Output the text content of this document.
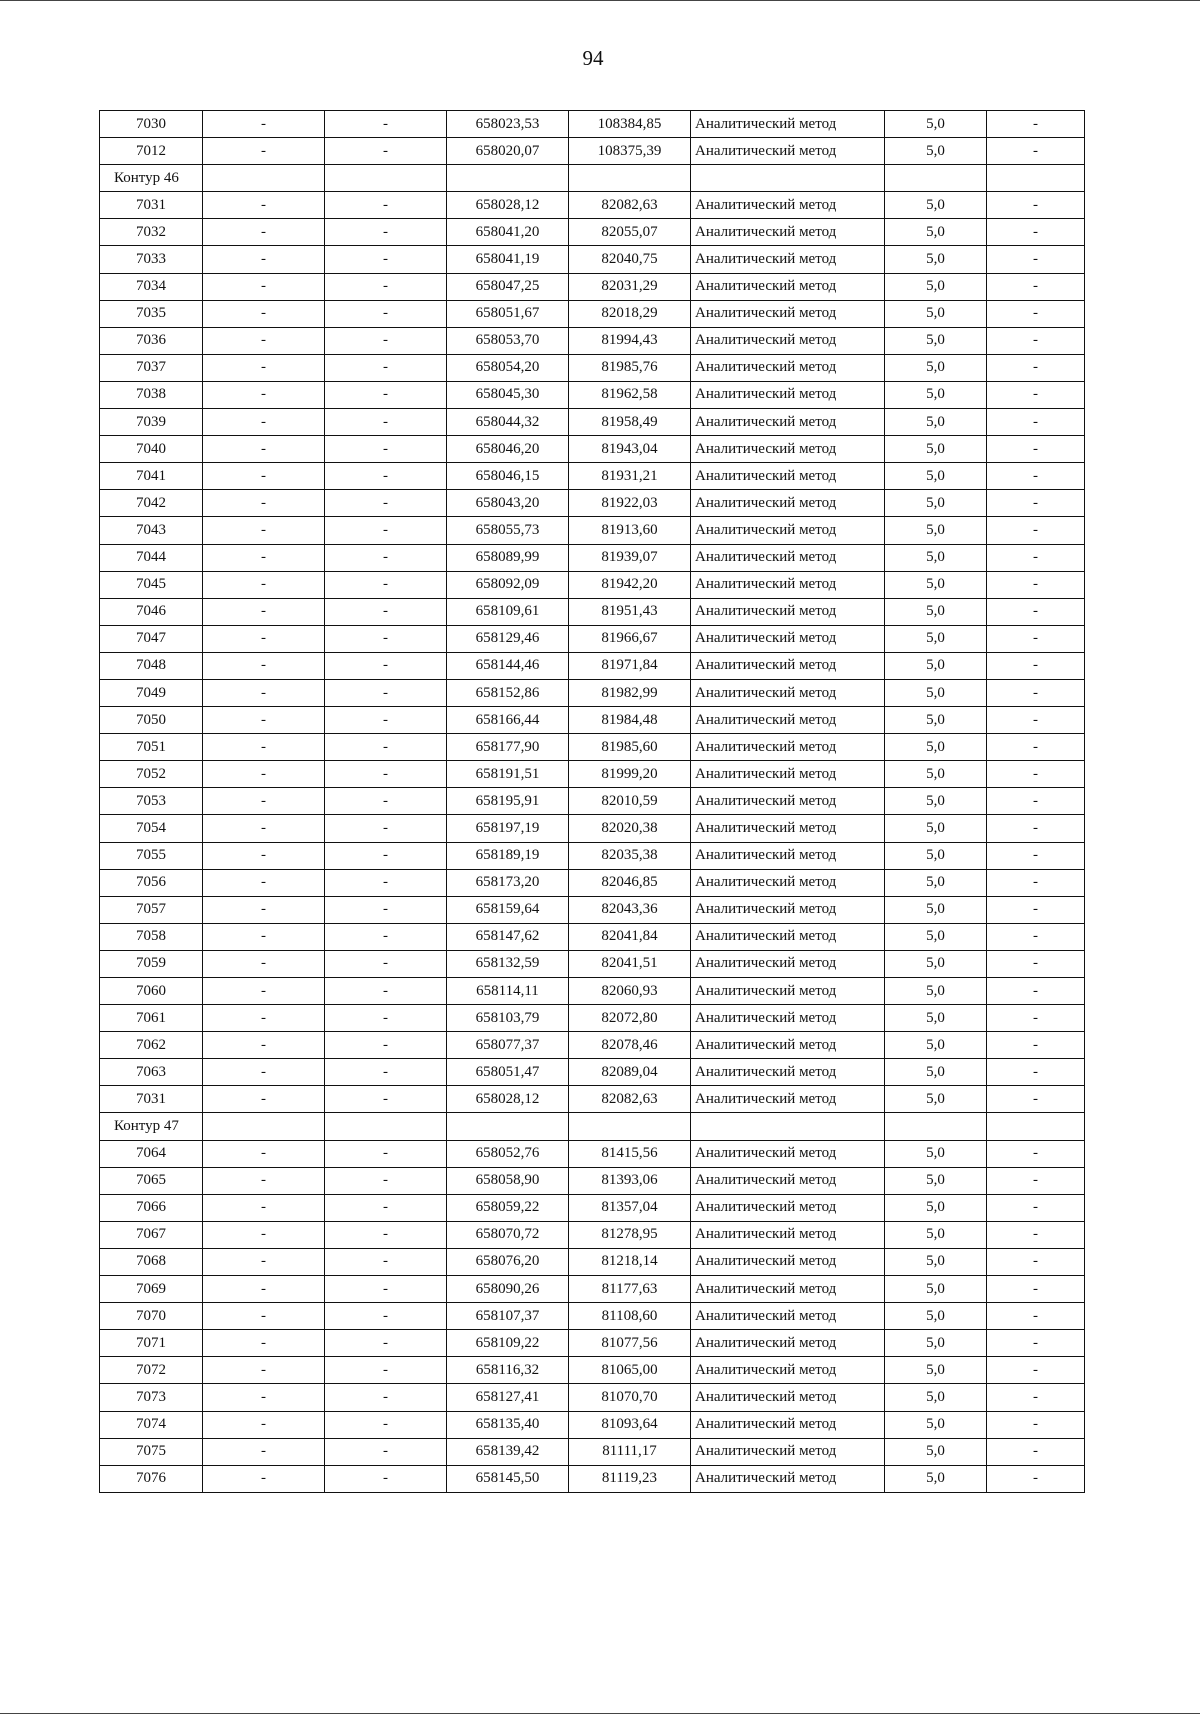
94
7030	-	-	658023,53	108384,85	Аналитический метод	5,0	-
7012	-	-	658020,07	108375,39	Аналитический метод	5,0	-
Контур 46							
7031	-	-	658028,12	82082,63	Аналитический метод	5,0	-
7032	-	-	658041,20	82055,07	Аналитический метод	5,0	-
7033	-	-	658041,19	82040,75	Аналитический метод	5,0	-
7034	-	-	658047,25	82031,29	Аналитический метод	5,0	-
7035	-	-	658051,67	82018,29	Аналитический метод	5,0	-
7036	-	-	658053,70	81994,43	Аналитический метод	5,0	-
7037	-	-	658054,20	81985,76	Аналитический метод	5,0	-
7038	-	-	658045,30	81962,58	Аналитический метод	5,0	-
7039	-	-	658044,32	81958,49	Аналитический метод	5,0	-
7040	-	-	658046,20	81943,04	Аналитический метод	5,0	-
7041	-	-	658046,15	81931,21	Аналитический метод	5,0	-
7042	-	-	658043,20	81922,03	Аналитический метод	5,0	-
7043	-	-	658055,73	81913,60	Аналитический метод	5,0	-
7044	-	-	658089,99	81939,07	Аналитический метод	5,0	-
7045	-	-	658092,09	81942,20	Аналитический метод	5,0	-
7046	-	-	658109,61	81951,43	Аналитический метод	5,0	-
7047	-	-	658129,46	81966,67	Аналитический метод	5,0	-
7048	-	-	658144,46	81971,84	Аналитический метод	5,0	-
7049	-	-	658152,86	81982,99	Аналитический метод	5,0	-
7050	-	-	658166,44	81984,48	Аналитический метод	5,0	-
7051	-	-	658177,90	81985,60	Аналитический метод	5,0	-
7052	-	-	658191,51	81999,20	Аналитический метод	5,0	-
7053	-	-	658195,91	82010,59	Аналитический метод	5,0	-
7054	-	-	658197,19	82020,38	Аналитический метод	5,0	-
7055	-	-	658189,19	82035,38	Аналитический метод	5,0	-
7056	-	-	658173,20	82046,85	Аналитический метод	5,0	-
7057	-	-	658159,64	82043,36	Аналитический метод	5,0	-
7058	-	-	658147,62	82041,84	Аналитический метод	5,0	-
7059	-	-	658132,59	82041,51	Аналитический метод	5,0	-
7060	-	-	658114,11	82060,93	Аналитический метод	5,0	-
7061	-	-	658103,79	82072,80	Аналитический метод	5,0	-
7062	-	-	658077,37	82078,46	Аналитический метод	5,0	-
7063	-	-	658051,47	82089,04	Аналитический метод	5,0	-
7031	-	-	658028,12	82082,63	Аналитический метод	5,0	-
Контур 47							
7064	-	-	658052,76	81415,56	Аналитический метод	5,0	-
7065	-	-	658058,90	81393,06	Аналитический метод	5,0	-
7066	-	-	658059,22	81357,04	Аналитический метод	5,0	-
7067	-	-	658070,72	81278,95	Аналитический метод	5,0	-
7068	-	-	658076,20	81218,14	Аналитический метод	5,0	-
7069	-	-	658090,26	81177,63	Аналитический метод	5,0	-
7070	-	-	658107,37	81108,60	Аналитический метод	5,0	-
7071	-	-	658109,22	81077,56	Аналитический метод	5,0	-
7072	-	-	658116,32	81065,00	Аналитический метод	5,0	-
7073	-	-	658127,41	81070,70	Аналитический метод	5,0	-
7074	-	-	658135,40	81093,64	Аналитический метод	5,0	-
7075	-	-	658139,42	81111,17	Аналитический метод	5,0	-
7076	-	-	658145,50	81119,23	Аналитический метод	5,0	-
